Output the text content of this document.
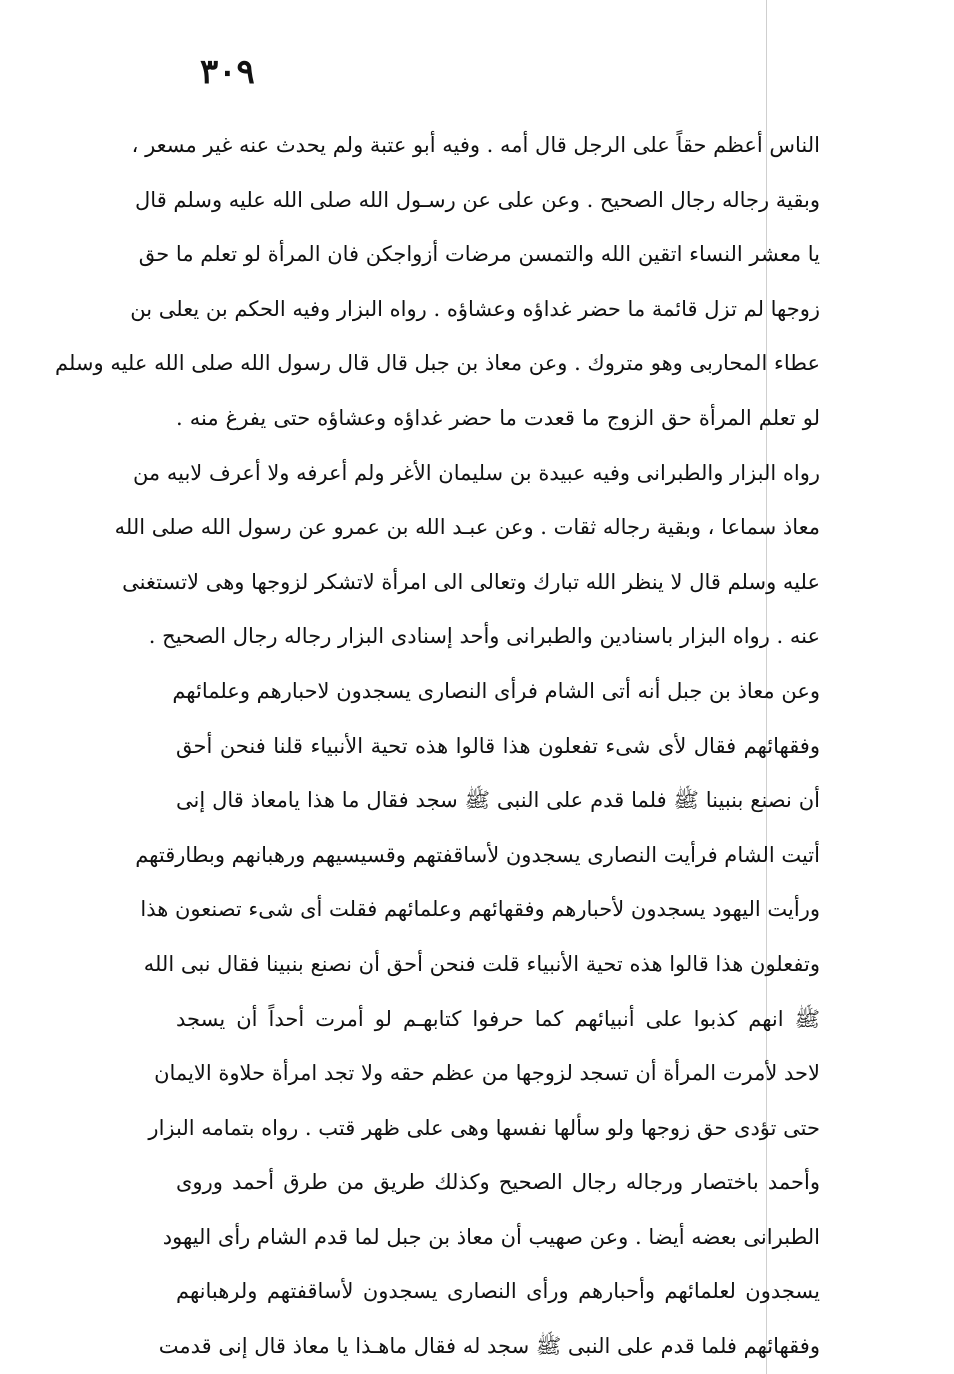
٣٠٩
الناس أعظم حقاً على الرجل قال أمه . وفيه أبو عتبة ولم يحدث عنه غير مسعر ،
وبقية رجاله رجال الصحيح . وعن على عن رسـول الله صلى الله عليه وسلم قال
يا معشر النساء اتقين الله والتمسن مرضات أزواجكن فان المرأة لو تعلم ما حق
زوجها لم تزل قائمة ما حضر غداؤه وعشاؤه . رواه البزار وفيه الحكم بن يعلى بن
عطاء المحاربى وهو متروك . وعن معاذ بن جبل قال قال رسول الله صلى الله عليه وسلم
لو تعلم المرأة حق الزوج ما قعدت ما حضر غداؤه وعشاؤه حتى يفرغ منه .
رواه البزار والطبرانى وفيه عبيدة بن سليمان الأغر ولم أعرفه ولا أعرف لابيه من
معاذ سماعا ، وبقية رجاله ثقات . وعن عبـد الله بن عمرو عن رسول الله صلى الله
عليه وسلم قال لا ينظر الله تبارك وتعالى الى امرأة لاتشكر لزوجها وهى لاتستغنى
عنه . رواه البزار باسنادين والطبرانى وأحد إسنادى البزار رجاله رجال الصحيح .
وعن معاذ بن جبل أنه أتى الشام فرأى النصارى يسجدون لاحبارهم وعلمائهم
وفقهائهم فقال لأى شىء تفعلون هذا قالوا هذه تحية الأنبياء قلنا فنحن أحق
أن نصنع بنبينا ﷺ فلما قدم على النبى ﷺ سجد فقال ما هذا يامعاذ قال إنى
أتيت الشام فرأيت النصارى يسجدون لأساقفتهم وقسيسيهم ورهبانهم وبطارقتهم
ورأيت اليهود يسجدون لأحبارهم وفقهائهم وعلمائهم فقلت أى شىء تصنعون هذا
وتفعلون هذا قالوا هذه تحية الأنبياء قلت فنحن أحق أن نصنع بنبينا فقال نبى الله
ﷺ انهم كذبوا على أنبيائهم كما حرفوا كتابهـم لو أمرت أحداً أن يسجد
لاحد لأمرت المرأة أن تسجد لزوجها من عظم حقه ولا تجد امرأة حلاوة الايمان
حتى تؤدى حق زوجها ولو سألها نفسها وهى على ظهر قتب . رواه بتمامه البزار
وأحمد باختصار ورجاله رجال الصحيح وكذلك طريق من طرق أحمد وروى
الطبرانى بعضه أيضا . وعن صهيب أن معاذ بن جبل لما قدم الشام رأى اليهود
يسجدون لعلمائهم وأحبارهم ورأى النصارى يسجدون لأساقفتهم ولرهبانهم
وفقهائهم فلما قدم على النبى ﷺ سجد له فقال ماهـذا يا معاذ قال إنى قدمت
